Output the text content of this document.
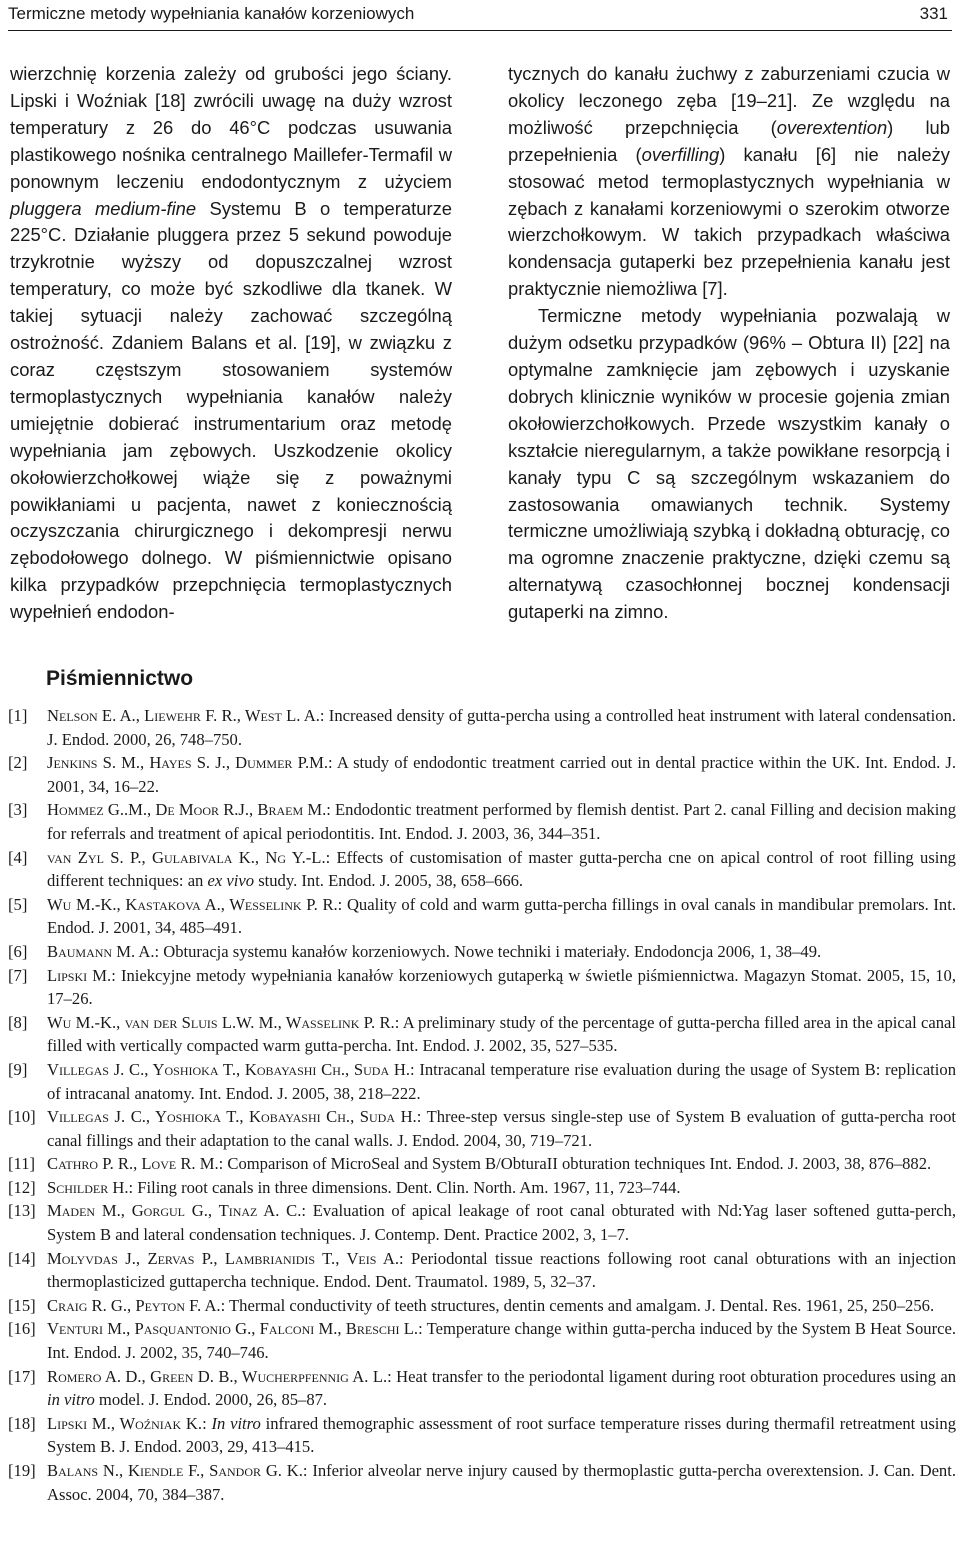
Termiczne metody wypełniania kanałów korzeniowych	331

wierzchnię korzenia zależy od grubości jego ściany. Lipski i Woźniak [18] zwrócili uwagę na duży wzrost temperatury z 26 do 46°C podczas usuwania plastikowego nośnika centralnego Maillefer-Termafil w ponownym leczeniu endodontycznym z użyciem pluggera medium-fine Systemu B o temperaturze 225°C. Działanie pluggera przez 5 sekund powoduje trzykrotnie wyższy od dopuszczalnej wzrost temperatury, co może być szkodliwe dla tkanek. W takiej sytuacji należy zachować szczególną ostrożność. Zdaniem Balans et al. [19], w związku z coraz częstszym stosowaniem systemów termoplastycznych wypełniania kanałów należy umiejętnie dobierać instrumentarium oraz metodę wypełniania jam zębowych. Uszkodzenie okolicy okołowierzchołkowej wiąże się z poważnymi powikłaniami u pacjenta, nawet z koniecznością oczyszczania chirurgicznego i dekompresji nerwu zębodołowego dolnego. W piśmiennictwie opisano kilka przypadków przepchnięcia termoplastycznych wypełnień endodon-

tycznych do kanału żuchwy z zaburzeniami czucia w okolicy leczonego zęba [19–21]. Ze względu na możliwość przepchnięcia (overextention) lub przepełnienia (overfilling) kanału [6] nie należy stosować metod termoplastycznych wypełniania w zębach z kanałami korzeniowymi o szerokim otworze wierzchołkowym. W takich przypadkach właściwa kondensacja gutaperki bez przepełnienia kanału jest praktycznie niemożliwa [7].

Termiczne metody wypełniania pozwalają w dużym odsetku przypadków (96% – Obtura II) [22] na optymalne zamknięcie jam zębowych i uzyskanie dobrych klinicznie wyników w procesie gojenia zmian okołowierzchołkowych. Przede wszystkim kanały o kształcie nieregularnym, a także powikłane resorpcją i kanały typu C są szczególnym wskazaniem do zastosowania omawianych technik. Systemy termiczne umożliwiają szybką i dokładną obturację, co ma ogromne znaczenie praktyczne, dzięki czemu są alternatywą czasochłonnej bocznej kondensacji gutaperki na zimno.

Piśmiennictwo
[1] Nelson E. A., Liewehr F. R., West L. A.: Increased density of gutta-percha using a controlled heat instrument with lateral condensation. J. Endod. 2000, 26, 748–750.
[2] Jenkins S. M., Hayes S. J., Dummer P.M.: A study of endodontic treatment carried out in dental practice within the UK. Int. Endod. J. 2001, 34, 16–22.
[3] Hommez G..M., De Moor R.J., Braem M.: Endodontic treatment performed by flemish dentist. Part 2. canal Filling and decision making for referrals and treatment of apical periodontitis. Int. Endod. J. 2003, 36, 344–351.
[4] van Zyl S. P., Gulabivala K., Ng Y.-L.: Effects of customisation of master gutta-percha cne on apical control of root filling using different techniques: an ex vivo study. Int. Endod. J. 2005, 38, 658–666.
[5] Wu M.-K., Kastakova A., Wesselink P. R.: Quality of cold and warm gutta-percha fillings in oval canals in mandibular premolars. Int. Endod. J. 2001, 34, 485–491.
[6] Baumann M. A.: Obturacja systemu kanałów korzeniowych. Nowe techniki i materiały. Endodoncja 2006, 1, 38–49.
[7] Lipski M.: Iniekcyjne metody wypełniania kanałów korzeniowych gutaperką w świetle piśmiennictwa. Magazyn Stomat. 2005, 15, 10, 17–26.
[8] Wu M.-K., van der Sluis L.W. M., Wasselink P. R.: A preliminary study of the percentage of gutta-percha filled area in the apical canal filled with vertically compacted warm gutta-percha. Int. Endod. J. 2002, 35, 527–535.
[9] Villegas J. C., Yoshioka T., Kobayashi Ch., Suda H.: Intracanal temperature rise evaluation during the usage of System B: replication of intracanal anatomy. Int. Endod. J. 2005, 38, 218–222.
[10] Villegas J. C., Yoshioka T., Kobayashi Ch., Suda H.: Three-step versus single-step use of System B evaluation of gutta-percha root canal fillings and their adaptation to the canal walls. J. Endod. 2004, 30, 719–721.
[11] Cathro P. R., Love R. M.: Comparison of MicroSeal and System B/ObturaII obturation techniques Int. Endod. J. 2003, 38, 876–882.
[12] Schilder H.: Filing root canals in three dimensions. Dent. Clin. North. Am. 1967, 11, 723–744.
[13] Maden M., Gorgul G., Tinaz A. C.: Evaluation of apical leakage of root canal obturated with Nd:Yag laser softened gutta-perch, System B and lateral condensation techniques. J. Contemp. Dent. Practice 2002, 3, 1–7.
[14] Molyvdas J., Zervas P., Lambrianidis T., Veis A.: Periodontal tissue reactions following root canal obturations with an injection thermoplasticized guttapercha technique. Endod. Dent. Traumatol. 1989, 5, 32–37.
[15] Craig R. G., Peyton F. A.: Thermal conductivity of teeth structures, dentin cements and amalgam. J. Dental. Res. 1961, 25, 250–256.
[16] Venturi M., Pasquantonio G., Falconi M., Breschi L.: Temperature change within gutta-percha induced by the System B Heat Source. Int. Endod. J. 2002, 35, 740–746.
[17] Romero A. D., Green D. B., Wucherpfennig A. L.: Heat transfer to the periodontal ligament during root obturation procedures using an in vitro model. J. Endod. 2000, 26, 85–87.
[18] Lipski M., Woźniak K.: In vitro infrared themographic assessment of root surface temperature risses during thermafil retreatment using System B. J. Endod. 2003, 29, 413–415.
[19] Balans N., Kiendle F., Sandor G. K.: Inferior alveolar nerve injury caused by thermoplastic gutta-percha overextension. J. Can. Dent. Assoc. 2004, 70, 384–387.
